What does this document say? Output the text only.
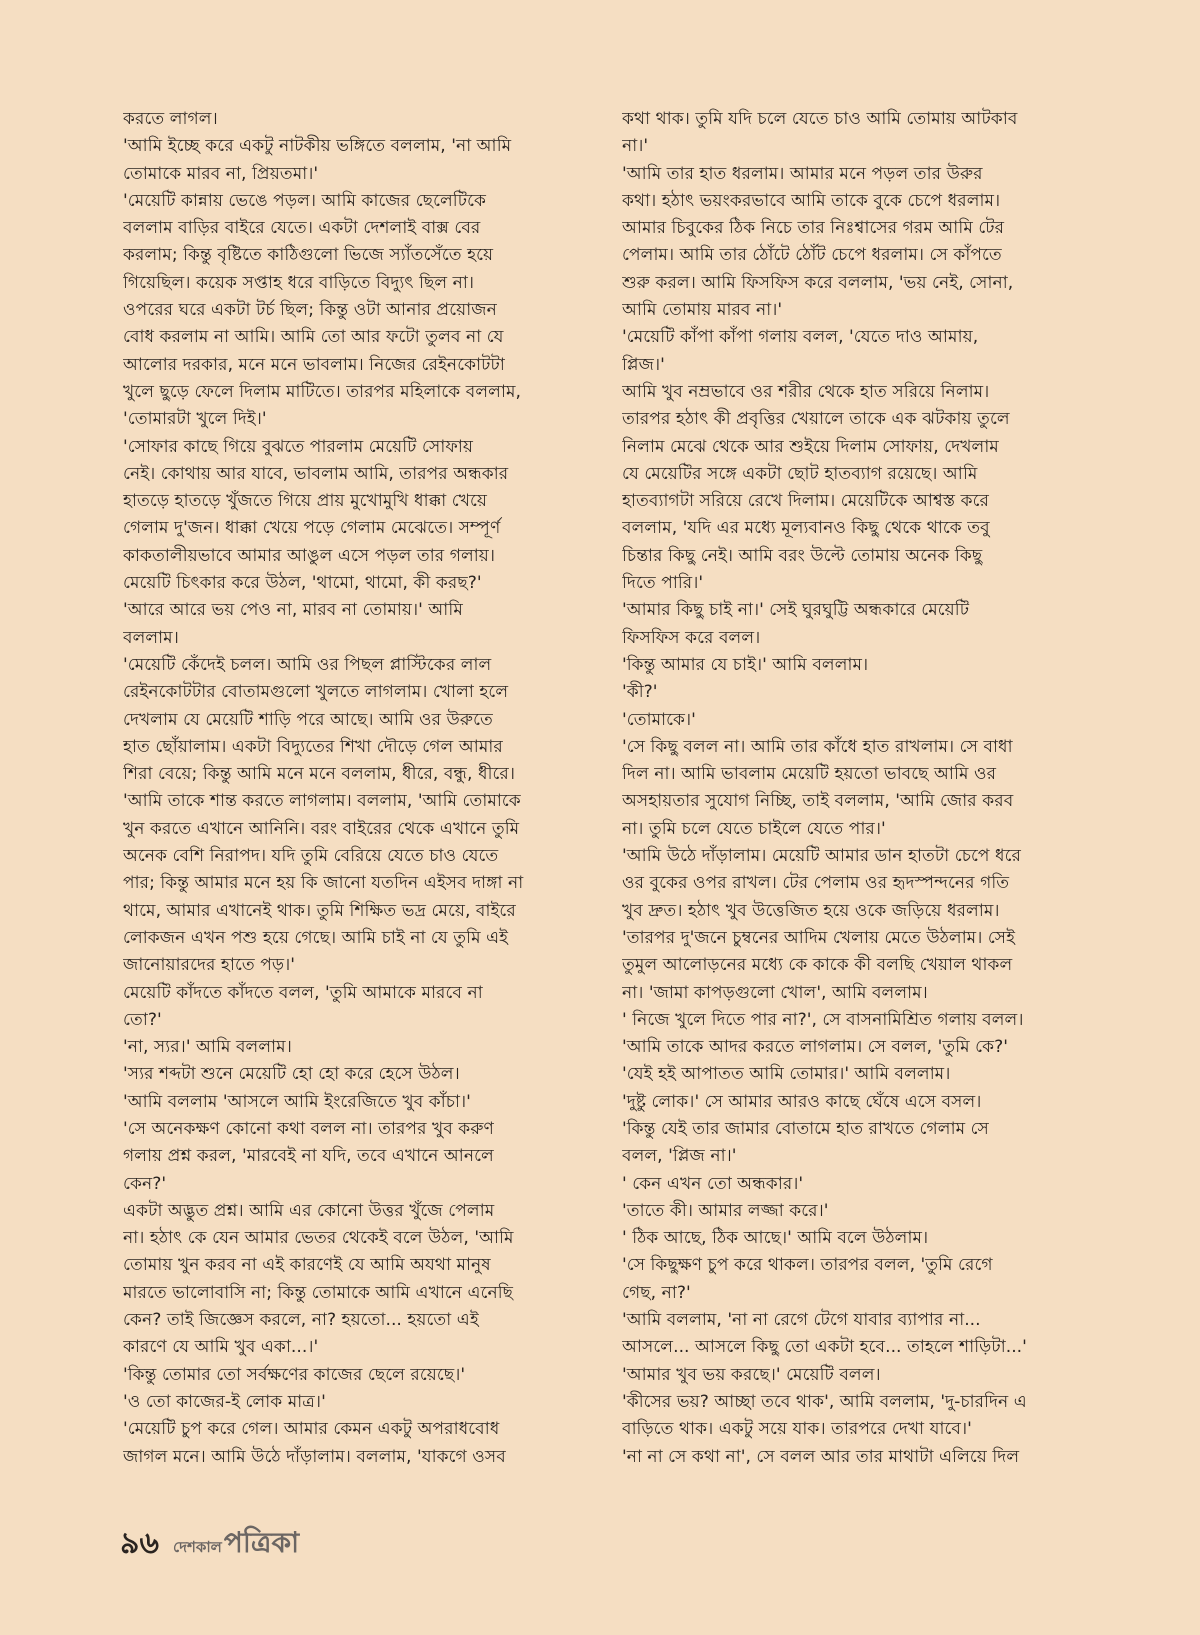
করতে লাগল।
'আমি ইচ্ছে করে একটু নাটকীয় ভঙ্গিতে বললাম, 'না আমি
তোমাকে মারব না, প্রিয়তমা।'
'মেয়েটি কান্নায় ভেঙে পড়ল। আমি কাজের ছেলেটিকে
বললাম বাড়ির বাইরে যেতে। একটা দেশলাই বাক্স বের
করলাম; কিন্তু বৃষ্টিতে কাঠিগুলো ভিজে স্যাঁতসেঁতে হয়ে
গিয়েছিল। কয়েক সপ্তাহ ধরে বাড়িতে বিদ্যুৎ ছিল না।
ওপরের ঘরে একটা টর্চ ছিল; কিন্তু ওটা আনার প্রয়োজন
বোধ করলাম না আমি। আমি তো আর ফটো তুলব না যে
আলোর দরকার, মনে মনে ভাবলাম। নিজের রেইনকোটটা
খুলে ছুড়ে ফেলে দিলাম মাটিতে। তারপর মহিলাকে বললাম,
'তোমারটা খুলে দিই।'
'সোফার কাছে গিয়ে বুঝতে পারলাম মেয়েটি সোফায়
নেই। কোথায় আর যাবে, ভাবলাম আমি, তারপর অন্ধকার
হাতড়ে হাতড়ে খুঁজতে গিয়ে প্রায় মুখোমুখি ধাক্কা খেয়ে
গেলাম দু'জন। ধাক্কা খেয়ে পড়ে গেলাম মেঝেতে। সম্পূর্ণ
কাকতালীয়ভাবে আমার আঙুল এসে পড়ল তার গলায়।
মেয়েটি চিৎকার করে উঠল, 'থামো, থামো, কী করছ?'
'আরে আরে ভয় পেও না, মারব না তোমায়।' আমি
বললাম।
'মেয়েটি কেঁদেই চলল। আমি ওর পিছল প্লাস্টিকের লাল
রেইনকোটটার বোতামগুলো খুলতে লাগলাম। খোলা হলে
দেখলাম যে মেয়েটি শাড়ি পরে আছে। আমি ওর উরুতে
হাত ছোঁয়ালাম। একটা বিদ্যুতের শিখা দৌড়ে গেল আমার
শিরা বেয়ে; কিন্তু আমি মনে মনে বললাম, ধীরে, বন্ধু, ধীরে।
'আমি তাকে শান্ত করতে লাগলাম। বললাম, 'আমি তোমাকে
খুন করতে এখানে আনিনি। বরং বাইরের থেকে এখানে তুমি
অনেক বেশি নিরাপদ। যদি তুমি বেরিয়ে যেতে চাও যেতে
পার; কিন্তু আমার মনে হয় কি জানো যতদিন এইসব দাঙ্গা না
থামে, আমার এখানেই থাক। তুমি শিক্ষিত ভদ্র মেয়ে, বাইরে
লোকজন এখন পশু হয়ে গেছে। আমি চাই না যে তুমি এই
জানোয়ারদের হাতে পড়।'
মেয়েটি কাঁদতে কাঁদতে বলল, 'তুমি আমাকে মারবে না
তো?'
'না, স্যর।' আমি বললাম।
'স্যর শব্দটা শুনে মেয়েটি হো হো করে হেসে উঠল।
'আমি বললাম 'আসলে আমি ইংরেজিতে খুব কাঁচা।'
'সে অনেকক্ষণ কোনো কথা বলল না। তারপর খুব করুণ
গলায় প্রশ্ন করল, 'মারবেই না যদি, তবে এখানে আনলে
কেন?'
একটা অদ্ভুত প্রশ্ন। আমি এর কোনো উত্তর খুঁজে পেলাম
না। হঠাৎ কে যেন আমার ভেতর থেকেই বলে উঠল, 'আমি
তোমায় খুন করব না এই কারণেই যে আমি অযথা মানুষ
মারতে ভালোবাসি না; কিন্তু তোমাকে আমি এখানে এনেছি
কেন? তাই জিজ্ঞেস করলে, না? হয়তো... হয়তো এই
কারণে যে আমি খুব একা...।'
'কিন্তু তোমার তো সর্বক্ষণের কাজের ছেলে রয়েছে।'
'ও তো কাজের-ই লোক মাত্র।'
'মেয়েটি চুপ করে গেল। আমার কেমন একটু অপরাধবোধ
জাগল মনে। আমি উঠে দাঁড়ালাম। বললাম, 'যাকগে ওসব
কথা থাক। তুমি যদি চলে যেতে চাও আমি তোমায় আটকাব
না।'
'আমি তার হাত ধরলাম। আমার মনে পড়ল তার উরুর
কথা। হঠাৎ ভয়ংকরভাবে আমি তাকে বুকে চেপে ধরলাম।
আমার চিবুকের ঠিক নিচে তার নিঃশ্বাসের গরম আমি টের
পেলাম। আমি তার ঠোঁটে ঠোঁট চেপে ধরলাম। সে কাঁপতে
শুরু করল। আমি ফিসফিস করে বললাম, 'ভয় নেই, সোনা,
আমি তোমায় মারব না।'
'মেয়েটি কাঁপা কাঁপা গলায় বলল, 'যেতে দাও আমায়,
প্লিজ।'
আমি খুব নম্রভাবে ওর শরীর থেকে হাত সরিয়ে নিলাম।
তারপর হঠাৎ কী প্রবৃত্তির খেয়ালে তাকে এক ঝটকায় তুলে
নিলাম মেঝে থেকে আর শুইয়ে দিলাম সোফায়, দেখলাম
যে মেয়েটির সঙ্গে একটা ছোট হাতব্যাগ রয়েছে। আমি
হাতব্যাগটা সরিয়ে রেখে দিলাম। মেয়েটিকে আশ্বস্ত করে
বললাম, 'যদি এর মধ্যে মূল্যবানও কিছু থেকে থাকে তবু
চিন্তার কিছু নেই। আমি বরং উল্টে তোমায় অনেক কিছু
দিতে পারি।'
'আমার কিছু চাই না।' সেই ঘুরঘুট্টি অন্ধকারে মেয়েটি
ফিসফিস করে বলল।
'কিন্তু আমার যে চাই।' আমি বললাম।
'কী?'
'তোমাকে।'
'সে কিছু বলল না। আমি তার কাঁধে হাত রাখলাম। সে বাধা
দিল না। আমি ভাবলাম মেয়েটি হয়তো ভাবছে আমি ওর
অসহায়তার সুযোগ নিচ্ছি, তাই বললাম, 'আমি জোর করব
না। তুমি চলে যেতে চাইলে যেতে পার।'
'আমি উঠে দাঁড়ালাম। মেয়েটি আমার ডান হাতটা চেপে ধরে
ওর বুকের ওপর রাখল। টের পেলাম ওর হৃদস্পন্দনের গতি
খুব দ্রুত। হঠাৎ খুব উত্তেজিত হয়ে ওকে জড়িয়ে ধরলাম।
'তারপর দু'জনে চুম্বনের আদিম খেলায় মেতে উঠলাম। সেই
তুমুল আলোড়নের মধ্যে কে কাকে কী বলছি খেয়াল থাকল
না। 'জামা কাপড়গুলো খোল', আমি বললাম।
' নিজে খুলে দিতে পার না?', সে বাসনামিশ্রিত গলায় বলল।
'আমি তাকে আদর করতে লাগলাম। সে বলল, 'তুমি কে?'
'যেই হই আপাতত আমি তোমার।' আমি বললাম।
'দুষ্টু লোক।' সে আমার আরও কাছে ঘেঁষে এসে বসল।
'কিন্তু যেই তার জামার বোতামে হাত রাখতে গেলাম সে
বলল, 'প্লিজ না।'
' কেন এখন তো অন্ধকার।'
'তাতে কী। আমার লজ্জা করে।'
' ঠিক আছে, ঠিক আছে।' আমি বলে উঠলাম।
'সে কিছুক্ষণ চুপ করে থাকল। তারপর বলল, 'তুমি রেগে
গেছ, না?'
'আমি বললাম, 'না না রেগে টেগে যাবার ব্যাপার না...
আসলে... আসলে কিছু তো একটা হবে... তাহলে শাড়িটা...'
'আমার খুব ভয় করছে।' মেয়েটি বলল।
'কীসের ভয়? আচ্ছা তবে থাক', আমি বললাম, 'দু-চারদিন এ
বাড়িতে থাক। একটু সয়ে যাক। তারপরে দেখা যাবে।'
'না না সে কথা না', সে বলল আর তার মাথাটা এলিয়ে দিল
৯৬ দেশকাল পত্রিকা
